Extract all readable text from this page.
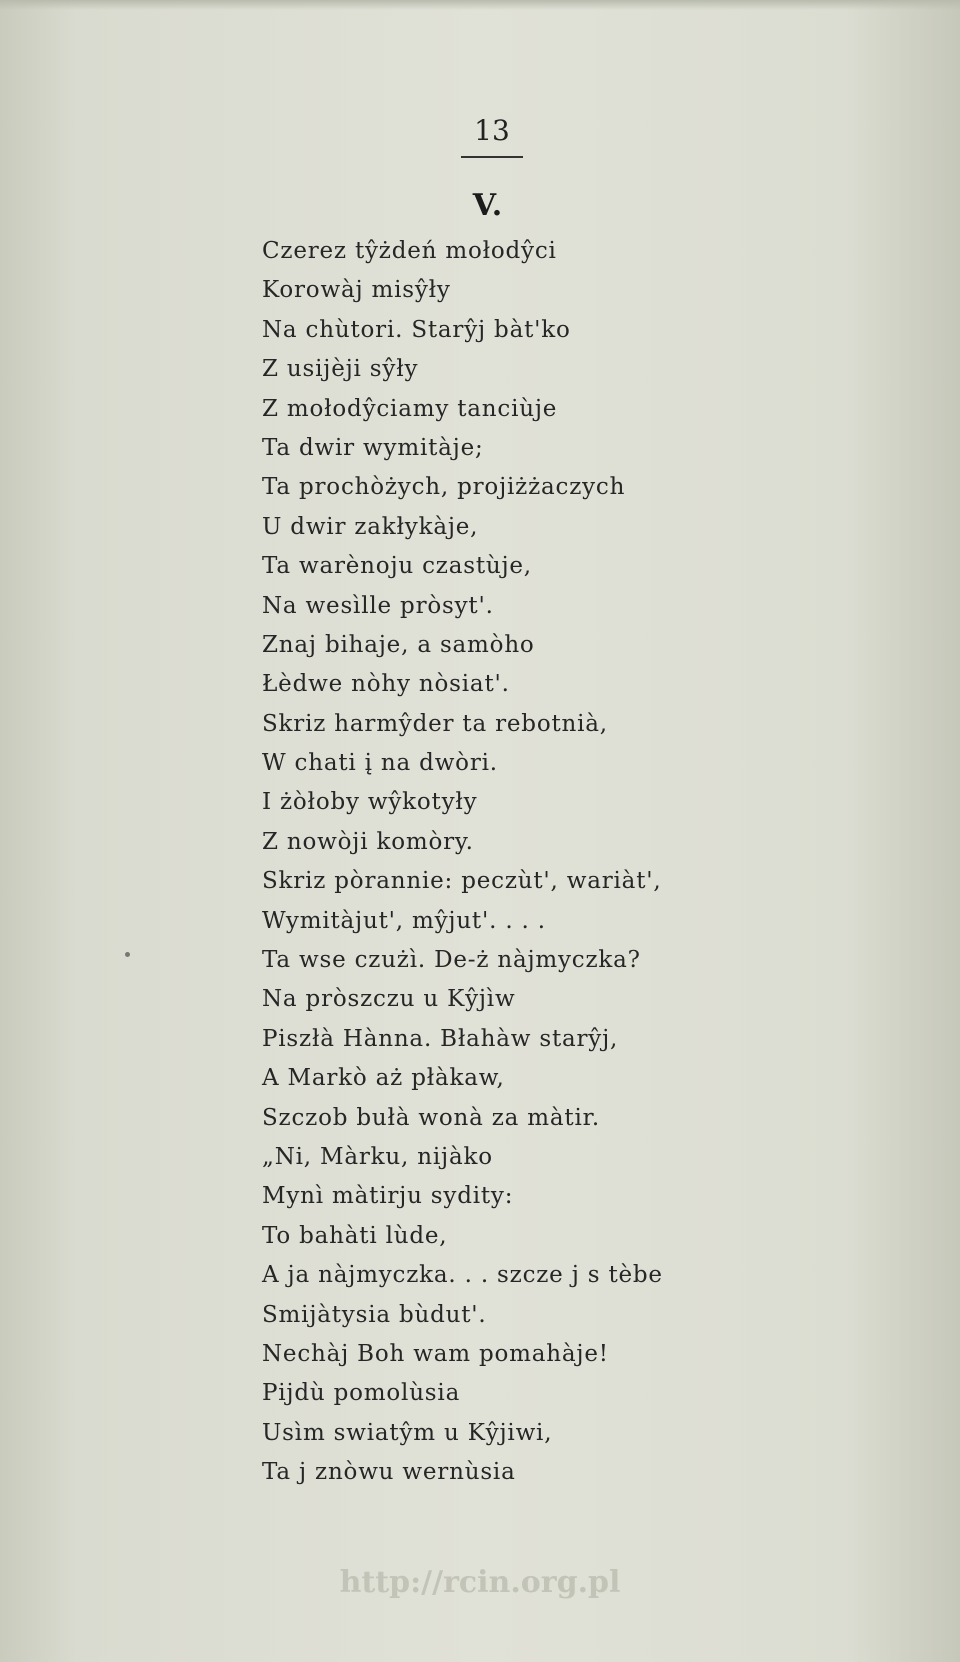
13
V.
Czerez tŷżdeń mołodŷci
Korowàj misŷły
Na chùtori. Starŷj bàt'ko
Z usijèji sŷły
Z mołodŷciamy tanciùje
Ta dwir wymitàje;
Ta prochòżych, projiżżaczych
U dwir zakłykàje,
Ta warènoju czastùje,
Na wesìlle pròsyt'.
Znaj bihaje, a samòho
Łèdwe nòhy nòsiat'.
Skriz harmŷder ta rebotnià,
W chati į na dwòri.
I żòłoby wŷkotyły
Z nowòji komòry.
Skriz pòrannie: peczùt', wariàt',
Wymitàjut', mŷjut'. . . .
Ta wse czużì. De-ż nàjmyczka?
Na pròszczu u Kŷjìw
Piszłà Hànna. Błahàw starŷj,
A Markò aż płàkaw,
Szczob bułà wonà za màtir.
„Ni, Màrku, nijàko
Mynì màtirju sydity:
To bahàti lùde,
A ja nàjmyczka. . . szcze j s tèbe
Smijàtysia bùdut'.
Nechàj Boh wam pomahàje!
Pijdù pomolùsia
Usìm swiatŷm u Kŷjiwi,
Ta j znòwu wernùsia
http://rcin.org.pl
